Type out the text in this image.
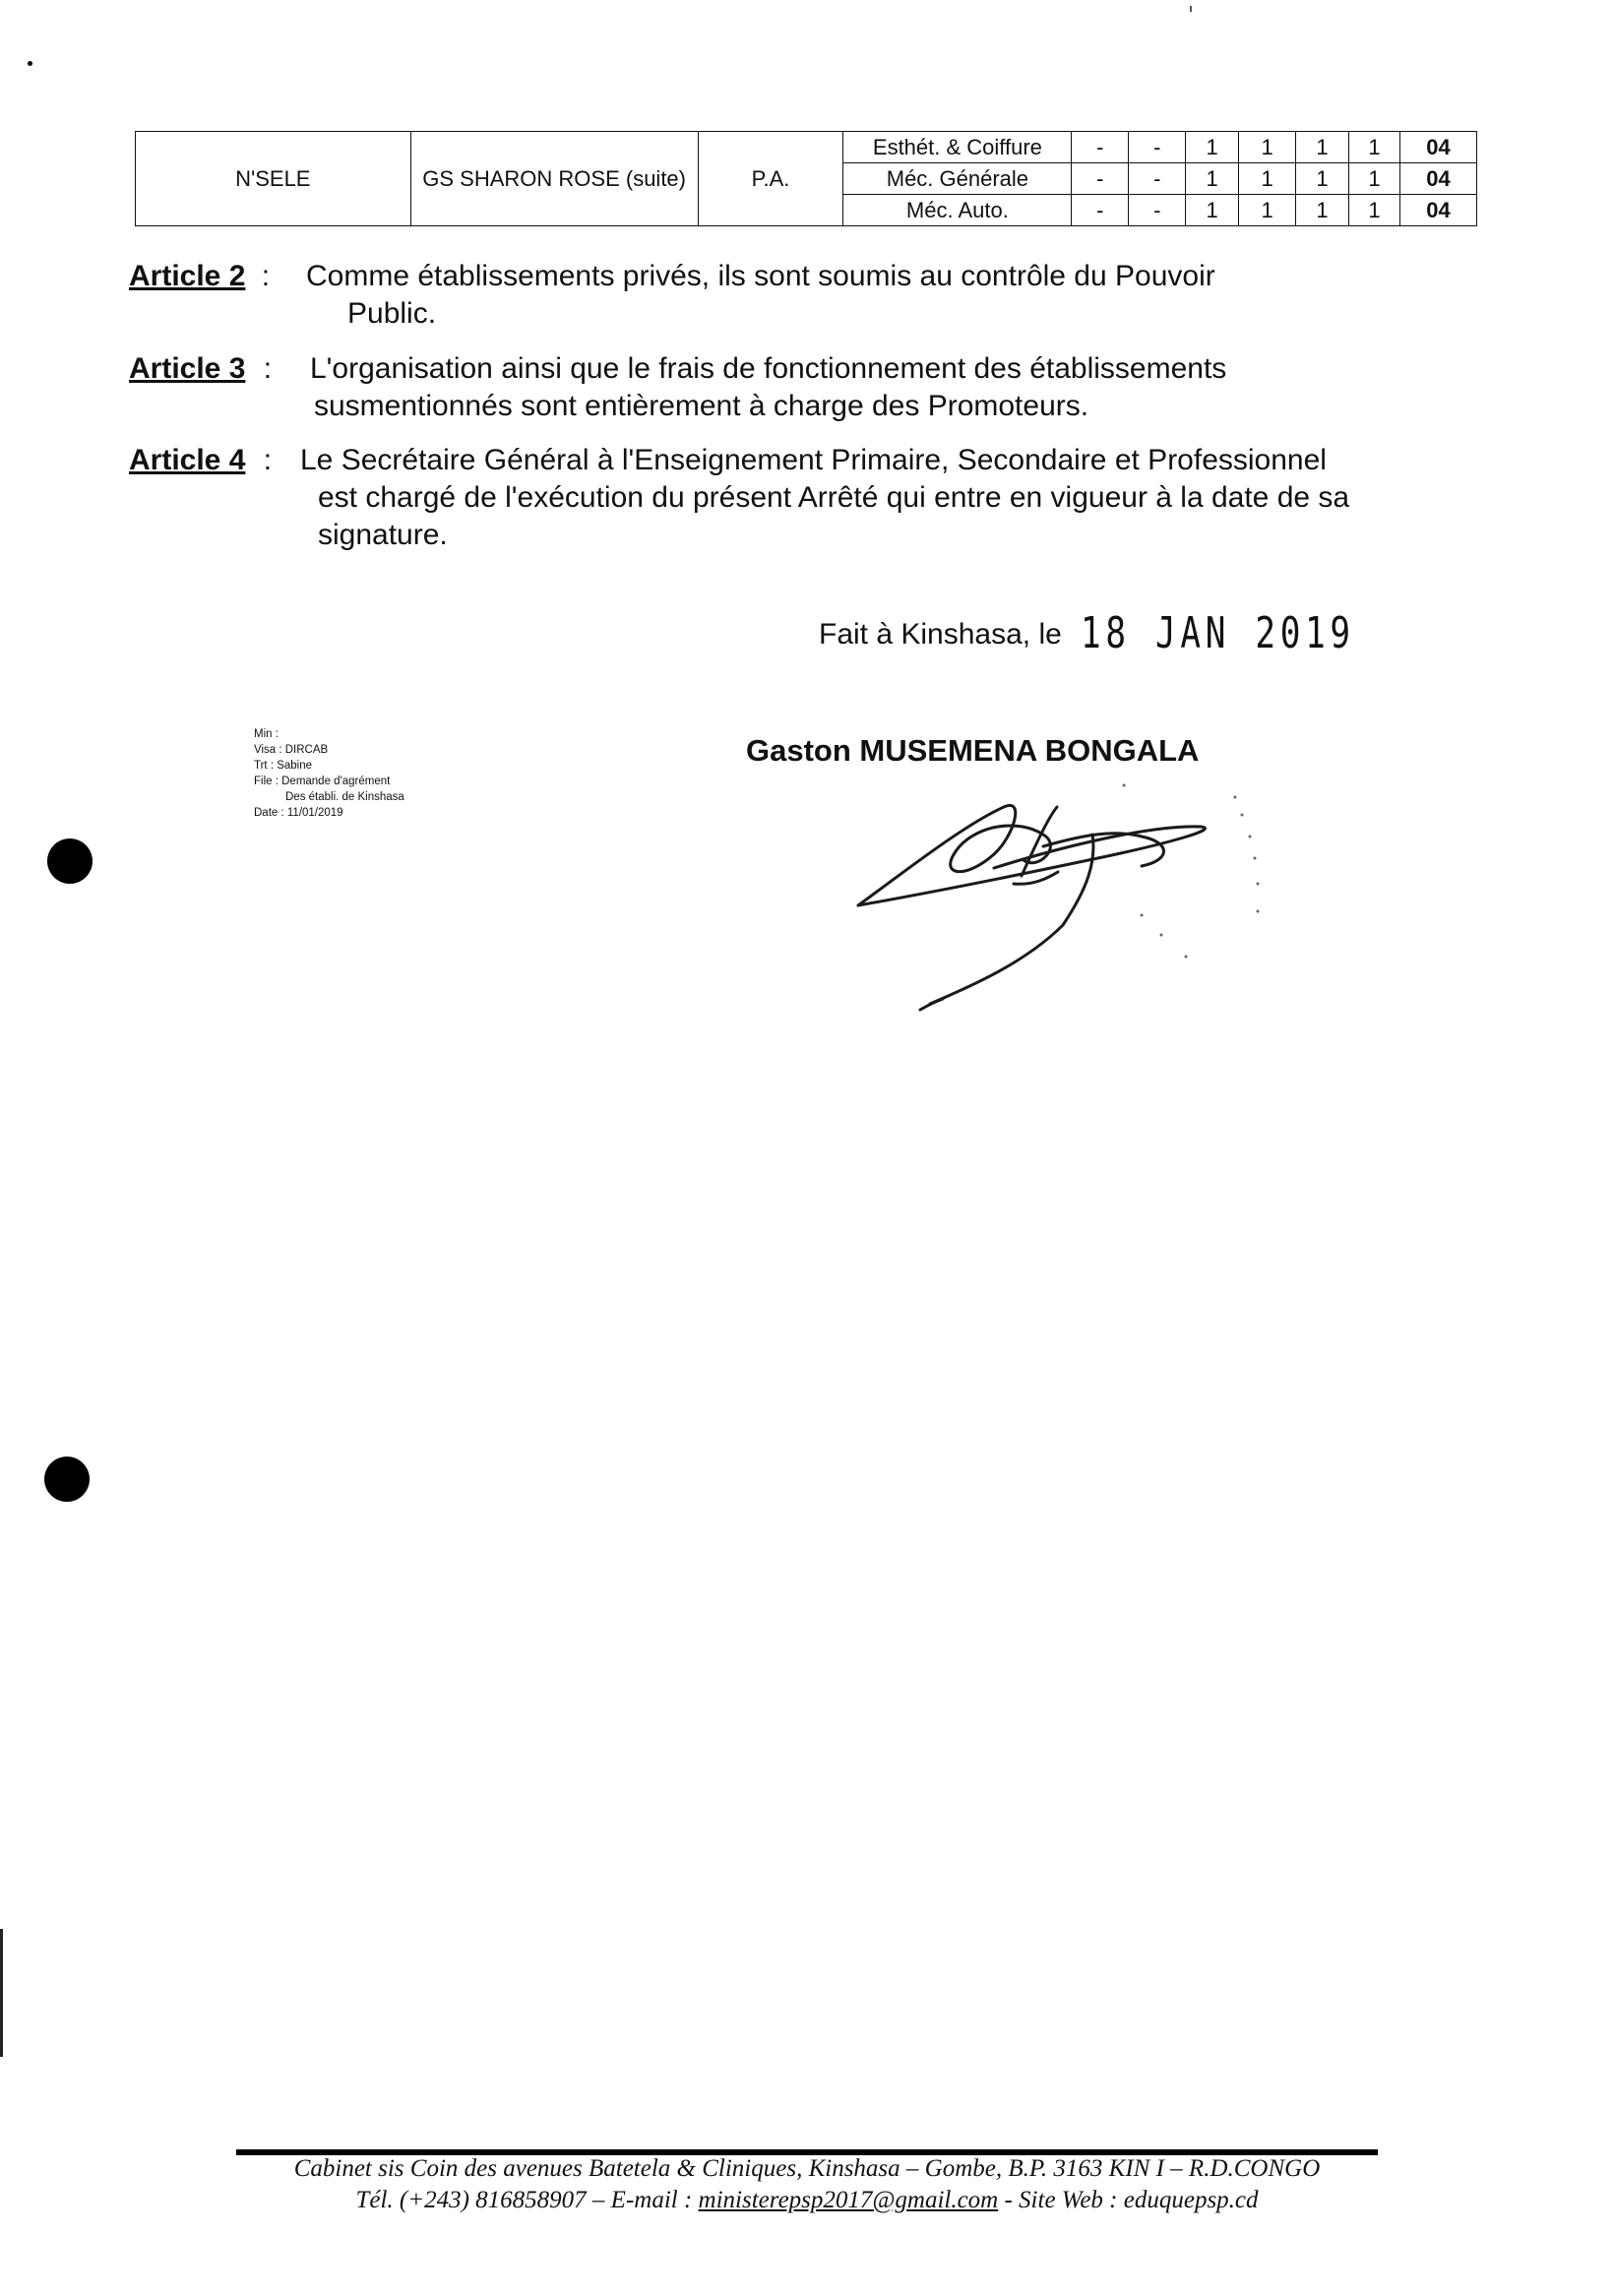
N'SELE	GS SHARON ROSE (suite)	P.A.	Esthét. & Coiffure	-	-	1	1	1	1	04
			Méc. Générale	-	-	1	1	1	1	04
			Méc. Auto.	-	-	1	1	1	1	04
Article 2 : Comme établissements privés, ils sont soumis au contrôle du Pouvoir
Public.
Article 3 : L'organisation ainsi que le frais de fonctionnement des établissements
susmentionnés sont entièrement à charge des Promoteurs.
Article 4 : Le Secrétaire Général à l'Enseignement Primaire, Secondaire et Professionnel
est chargé de l'exécution du présent Arrêté qui entre en vigueur à la date de sa
signature.
Fait à Kinshasa, le 18 JAN 2019
Min :
Visa : DIRCAB
Trt : Sabine
File : Demande d'agrément
Des établi. de Kinshasa
Date : 11/01/2019
Gaston MUSEMENA BONGALA
Cabinet sis Coin des avenues Batetela & Cliniques, Kinshasa – Gombe, B.P. 3163 KIN I – R.D.CONGO
Tél. (+243) 816858907 – E-mail : ministerepsp2017@gmail.com - Site Web : eduquepsp.cd
